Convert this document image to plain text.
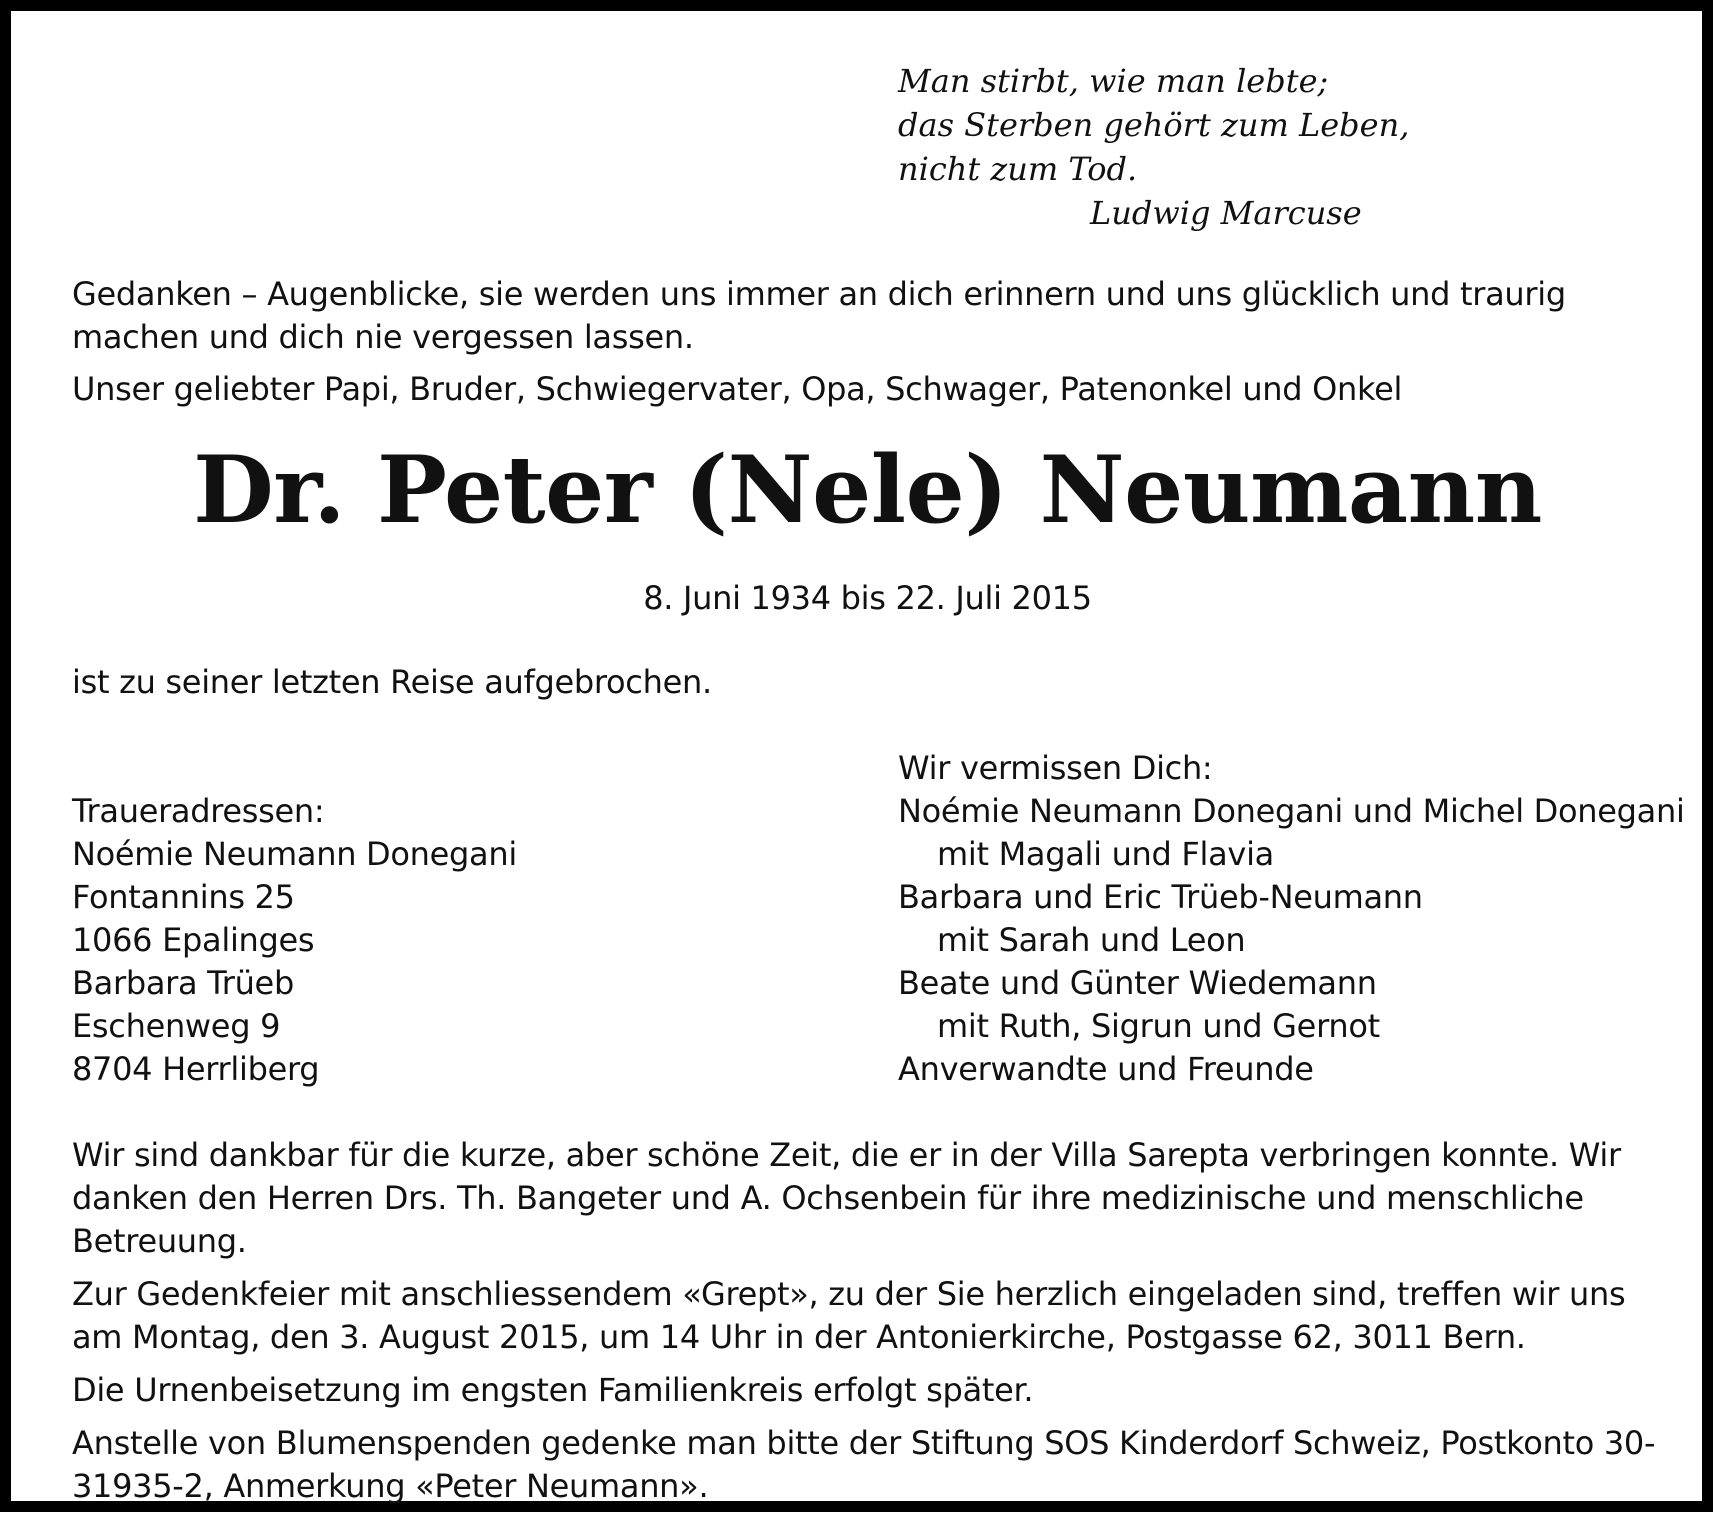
Man stirbt, wie man lebte;
das Sterben gehört zum Leben,
nicht zum Tod.
Ludwig Marcuse

Gedanken – Augenblicke, sie werden uns immer an dich erinnern und uns glücklich und traurig machen und dich nie vergessen lassen.

Unser geliebter Papi, Bruder, Schwiegervater, Opa, Schwager, Patenonkel und Onkel

Dr. Peter (Nele) Neumann
8. Juni 1934 bis 22. Juli 2015
ist zu seiner letzten Reise aufgebrochen.
Traueradressen:
Noémie Neumann Donegani
Fontannins 25
1066 Epalinges
Barbara Trüeb
Eschenweg 9
8704 Herrliberg
Wir vermissen Dich:
Noémie Neumann Donegani und Michel Donegani
mit Magali und Flavia
Barbara und Eric Trüeb-Neumann
mit Sarah und Leon
Beate und Günter Wiedemann
mit Ruth, Sigrun und Gernot
Anverwandte und Freunde

Wir sind dankbar für die kurze, aber schöne Zeit, die er in der Villa Sarepta verbringen konnte. Wir danken den Herren Drs. Th. Bangeter und A. Ochsenbein für ihre medizinische und menschliche Betreuung.

Zur Gedenkfeier mit anschliessendem «Grept», zu der Sie herzlich eingeladen sind, treffen wir uns am Montag, den 3. August 2015, um 14 Uhr in der Antonierkirche, Postgasse 62, 3011 Bern.

Die Urnenbeisetzung im engsten Familienkreis erfolgt später.

Anstelle von Blumenspenden gedenke man bitte der Stiftung SOS Kinderdorf Schweiz, Postkonto 30-31935-2, Anmerkung «Peter Neumann».
